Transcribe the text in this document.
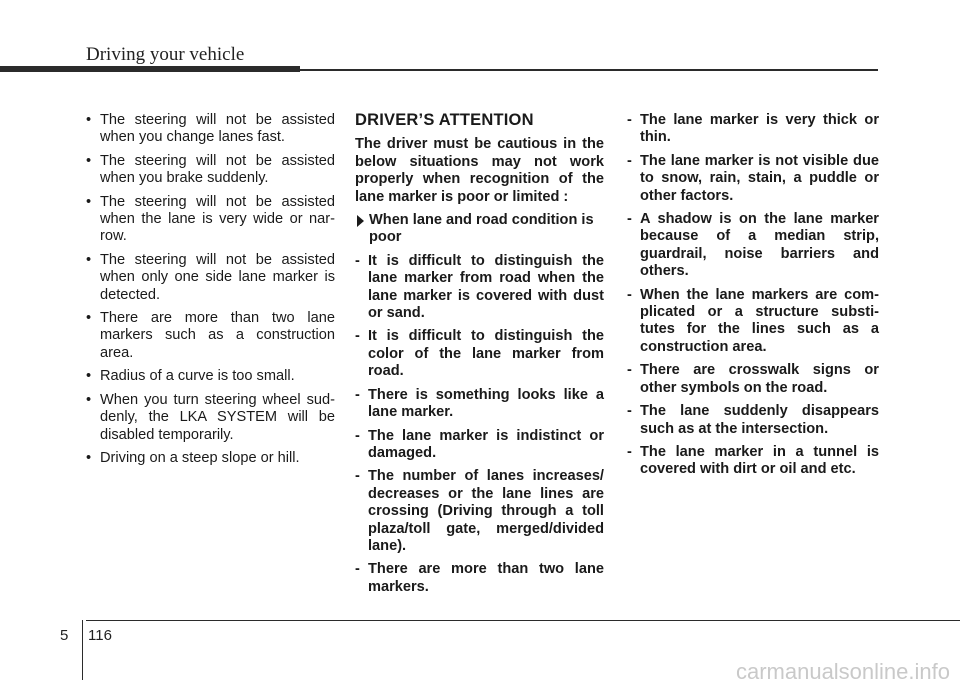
Driving your vehicle
• The steering will not be assisted when you change lanes fast.
• The steering will not be assisted when you brake suddenly.
• The steering will not be assisted when the lane is very wide or nar-row.
• The steering will not be assisted when only one side lane marker is detected.
• There are more than two lane markers such as a construction area.
• Radius of a curve is too small.
• When you turn steering wheel sud-denly, the LKA SYSTEM will be disabled temporarily.
• Driving on a steep slope or hill.
DRIVER’S ATTENTION
The driver must be cautious in the below situations may not work properly when recognition of the lane marker is poor or limited :
When lane and road condition is poor
- It is difficult to distinguish the lane marker from road when the lane marker is covered with dust or sand.
- It is difficult to distinguish the color of the lane marker from road.
- There is something looks like a lane marker.
- The lane marker is indistinct or damaged.
- The number of lanes increases/ decreases or the lane lines are crossing (Driving through a toll plaza/toll gate, merged/divided lane).
- There are more than two lane markers.
- The lane marker is very thick or thin.
- The lane marker is not visible due to snow, rain, stain, a puddle or other factors.
- A shadow is on the lane marker because of a median strip, guardrail, noise barriers and others.
- When the lane markers are com-plicated or a structure substi-tutes for the lines such as a construction area.
- There are crosswalk signs or other symbols on the road.
- The lane suddenly disappears such as at the intersection.
- The lane marker in a tunnel is covered with dirt or oil and etc.
5 116
carmanualsonline.info
